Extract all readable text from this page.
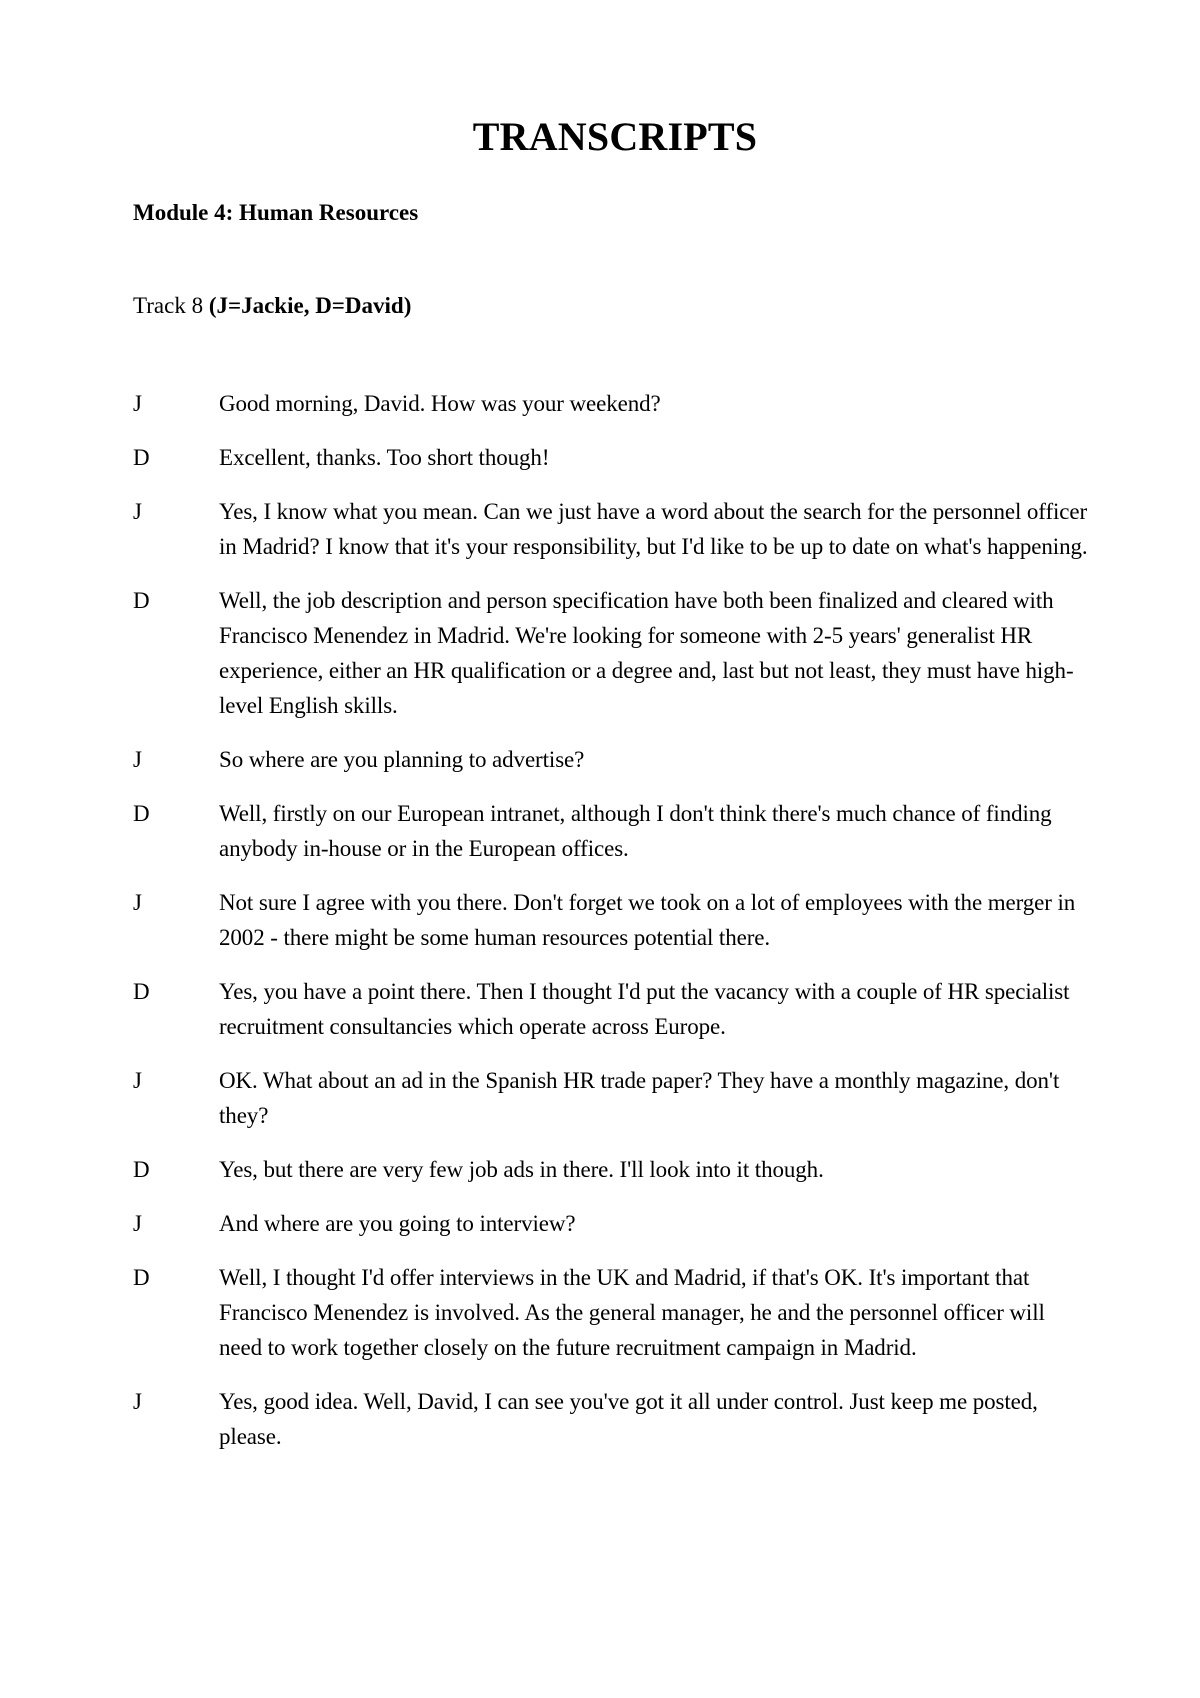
TRANSCRIPTS
Module 4: Human Resources
Track 8 (J=Jackie, D=David)
J	Good morning, David. How was your weekend?
D	Excellent, thanks. Too short though!
J	Yes, I know what you mean. Can we just have a word about the search for the personnel officer in Madrid? I know that it's your responsibility, but I'd like to be up to date on what's happening.
D	Well, the job description and person specification have both been finalized and cleared with Francisco Menendez in Madrid. We're looking for someone with 2-5 years' generalist HR experience, either an HR qualification or a degree and, last but not least, they must have high-level English skills.
J	So where are you planning to advertise?
D	Well, firstly on our European intranet, although I don't think there's much chance of finding anybody in-house or in the European offices.
J	Not sure I agree with you there. Don't forget we took on a lot of employees with the merger in 2002 - there might be some human resources potential there.
D	Yes, you have a point there. Then I thought I'd put the vacancy with a couple of HR specialist recruitment consultancies which operate across Europe.
J	OK. What about an ad in the Spanish HR trade paper? They have a monthly magazine, don't they?
D	Yes, but there are very few job ads in there. I'll look into it though.
J	And where are you going to interview?
D	Well, I thought I'd offer interviews in the UK and Madrid, if that's OK. It's important that Francisco Menendez is involved. As the general manager, he and the personnel officer will need to work together closely on the future recruitment campaign in Madrid.
J	Yes, good idea. Well, David, I can see you've got it all under control. Just keep me posted, please.
